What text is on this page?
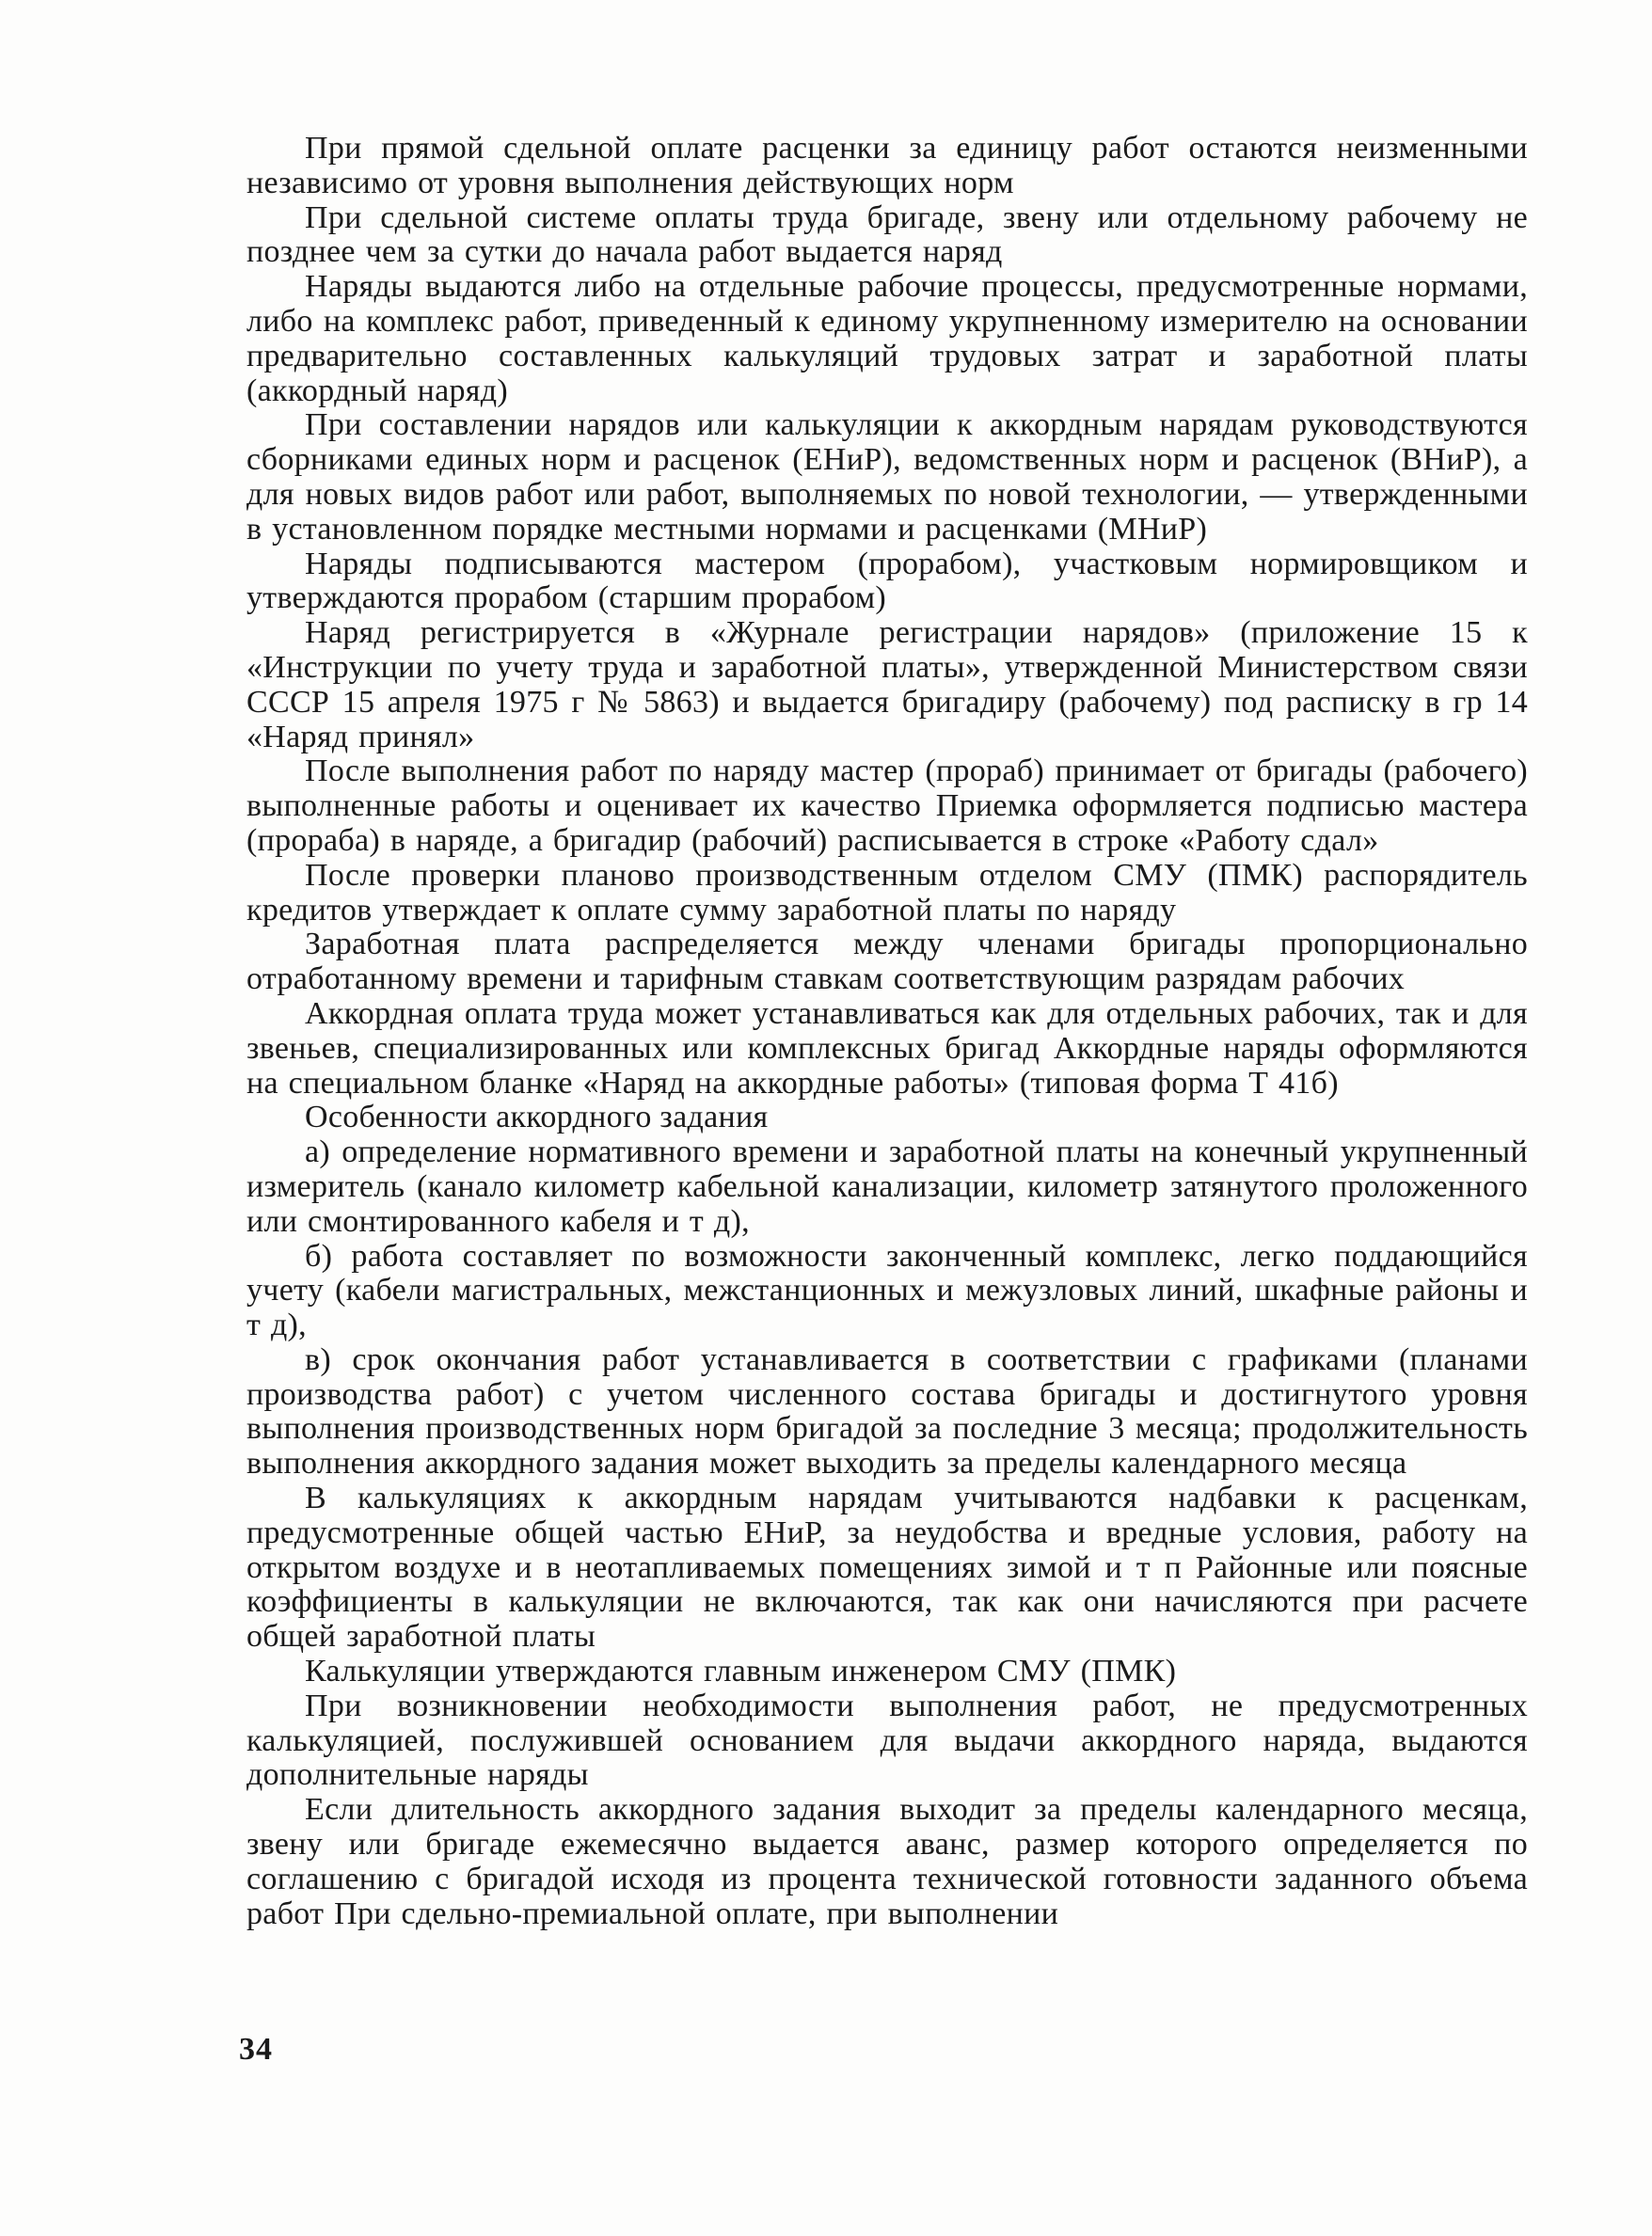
При прямой сдельной оплате расценки за единицу работ остаются неизменными независимо от уровня выполнения действующих норм

При сдельной системе оплаты труда бригаде, звену или отдельному рабочему не позднее чем за сутки до начала работ выдается наряд

Наряды выдаются либо на отдельные рабочие процессы, предусмотренные нормами, либо на комплекс работ, приведенный к единому укрупненному измерителю на основании предварительно составленных калькуляций трудовых затрат и заработной платы (аккордный наряд)

При составлении нарядов или калькуляции к аккордным нарядам руководствуются сборниками единых норм и расценок (ЕНиР), ведомственных норм и расценок (ВНиР), а для новых видов работ или работ, выполняемых по новой технологии, — утвержденными в установленном порядке местными нормами и расценками (МНиР)

Наряды подписываются мастером (прорабом), участковым нормировщиком и утверждаются прорабом (старшим прорабом)

Наряд регистрируется в «Журнале регистрации нарядов» (приложение 15 к «Инструкции по учету труда и заработной платы», утвержденной Министерством связи СССР 15 апреля 1975 г № 5863) и выдается бригадиру (рабочему) под расписку в гр 14 «Наряд принял»

После выполнения работ по наряду мастер (прораб) принимает от бригады (рабочего) выполненные работы и оценивает их качество Приемка оформляется подписью мастера (прораба) в наряде, а бригадир (рабочий) расписывается в строке «Работу сдал»

После проверки планово производственным отделом СМУ (ПМК) распорядитель кредитов утверждает к оплате сумму заработной платы по наряду

Заработная плата распределяется между членами бригады пропорционально отработанному времени и тарифным ставкам соответствующим разрядам рабочих

Аккордная оплата труда может устанавливаться как для отдельных рабочих, так и для звеньев, специализированных или комплексных бригад Аккордные наряды оформляются на специальном бланке «Наряд на аккордные работы» (типовая форма Т 41б)

Особенности аккордного задания

а) определение нормативного времени и заработной платы на конечный укрупненный измеритель (канало километр кабельной канализации, километр затянутого проложенного или смонтированного кабеля и т д),

б) работа составляет по возможности законченный комплекс, легко поддающийся учету (кабели магистральных, межстанционных и межузловых линий, шкафные районы и т д),

в) срок окончания работ устанавливается в соответствии с графиками (планами производства работ) с учетом численного состава бригады и достигнутого уровня выполнения производственных норм бригадой за последние 3 месяца; продолжительность выполнения аккордного задания может выходить за пределы календарного месяца

В калькуляциях к аккордным нарядам учитываются надбавки к расценкам, предусмотренные общей частью ЕНиР, за неудобства и вредные условия, работу на открытом воздухе и в неотапливаемых помещениях зимой и т п Районные или поясные коэффициенты в калькуляции не включаются, так как они начисляются при расчете общей заработной платы

Калькуляции утверждаются главным инженером СМУ (ПМК)

При возникновении необходимости выполнения работ, не предусмотренных калькуляцией, послужившей основанием для выдачи аккордного наряда, выдаются дополнительные наряды

Если длительность аккордного задания выходит за пределы календарного месяца, звену или бригаде ежемесячно выдается аванс, размер которого определяется по соглашению с бригадой исходя из процента технической готовности заданного объема работ При сдельно-премиальной оплате, при выполнении

34
